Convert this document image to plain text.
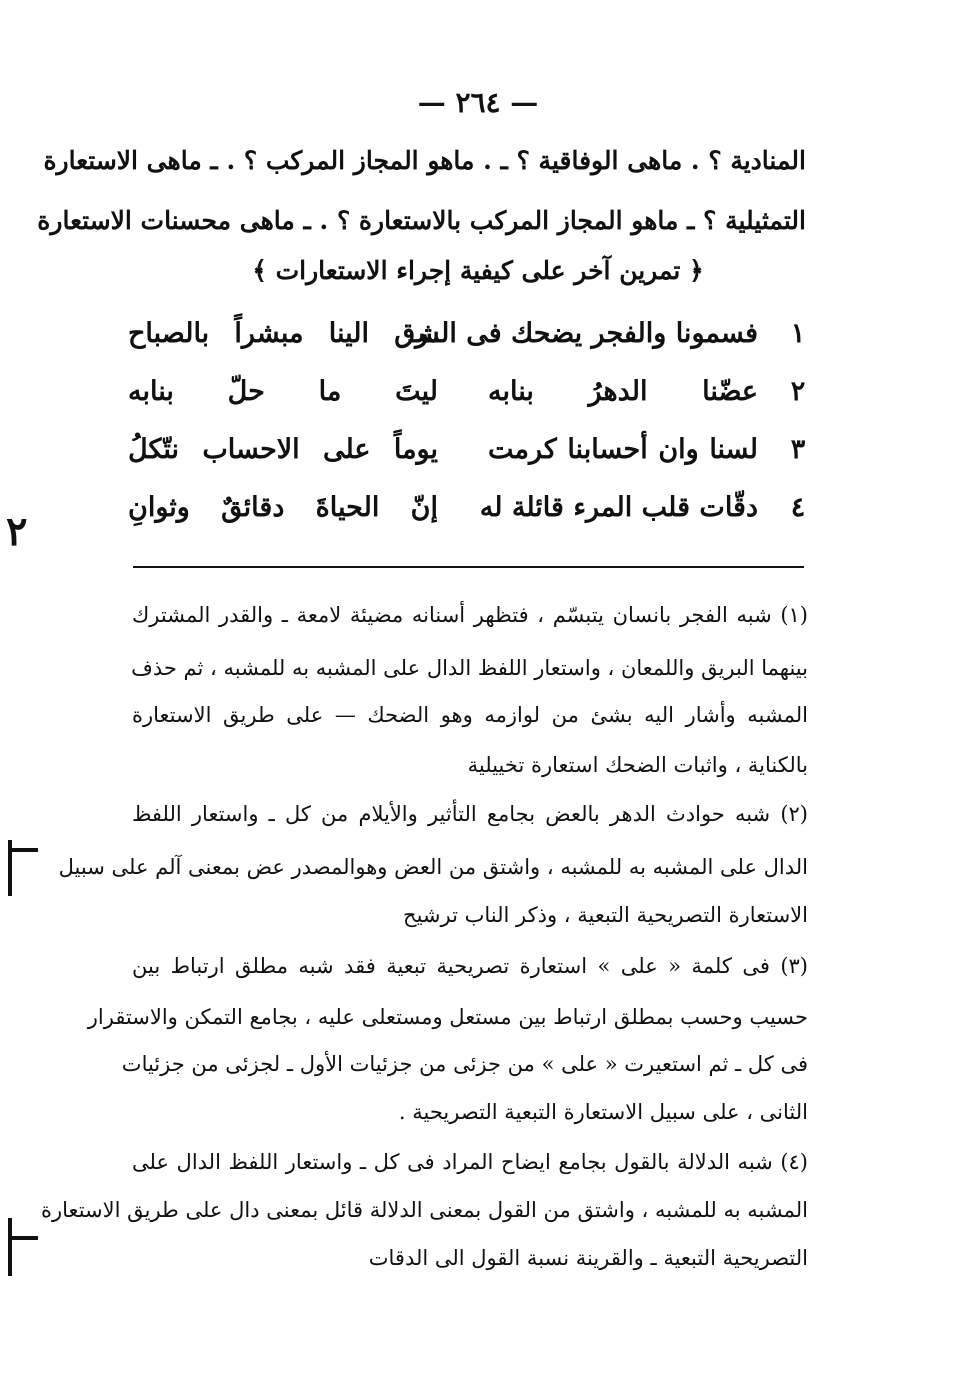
— ٢٦٤ —
المنادية ؟ . ماهى الوفاقية ؟ ـ . ماهو المجاز المركب ؟ . ـ ماهى الاستعارة
التمثيلية ؟ ـ ماهو المجاز المركب بالاستعارة ؟ . ـ ماهى محسنات الاستعارة
﴿ تمرين آخر على كيفية إجراء الاستعارات ﴾
١
فسمونا والفجر يضحك فى الشـ
ـرق الينا مبشراً بالصباح
٢
عضّنا الدهرُ بنابه
ليتَ ما حلّ بنابه
٣
لسنا وان أحسابنا كرمت
يوماً على الاحساب نتّكلُ
٤
دقّات قلب المرء قائلة له
إنّ الحياةَ دقائقٌ وثوانِ
(١) شبه الفجر بانسان يتبسّم ، فتظهر أسنانه مضيئة لامعة ـ والقدر المشترك
بينهما البريق واللمعان ، واستعار اللفظ الدال على المشبه به للمشبه ، ثم حذف
المشبه وأشار اليه بشئ من لوازمه وهو الضحك — على طريق الاستعارة
بالكناية ، واثبات الضحك استعارة تخييلية
(٢) شبه حوادث الدهر بالعض بجامع التأثير والأيلام من كل ـ واستعار اللفظ
الدال على المشبه به للمشبه ، واشتق من العض وهوالمصدر عض بمعنى آلم على سبيل
الاستعارة التصريحية التبعية ، وذكر الناب ترشيح
(٣) فى كلمة « على » استعارة تصريحية تبعية فقد شبه مطلق ارتباط بين
حسيب وحسب بمطلق ارتباط بين مستعل ومستعلى عليه ، بجامع التمكن والاستقرار
فى كل ـ ثم استعيرت « على » من جزئى من جزئيات الأول ـ لجزئى من جزئيات
الثانى ، على سبيل الاستعارة التبعية التصريحية .
(٤) شبه الدلالة بالقول بجامع ايضاح المراد فى كل ـ واستعار اللفظ الدال على
المشبه به للمشبه ، واشتق من القول بمعنى الدلالة قائل بمعنى دال على طريق الاستعارة
التصريحية التبعية ـ والقرينة نسبة القول الى الدقات
٢
